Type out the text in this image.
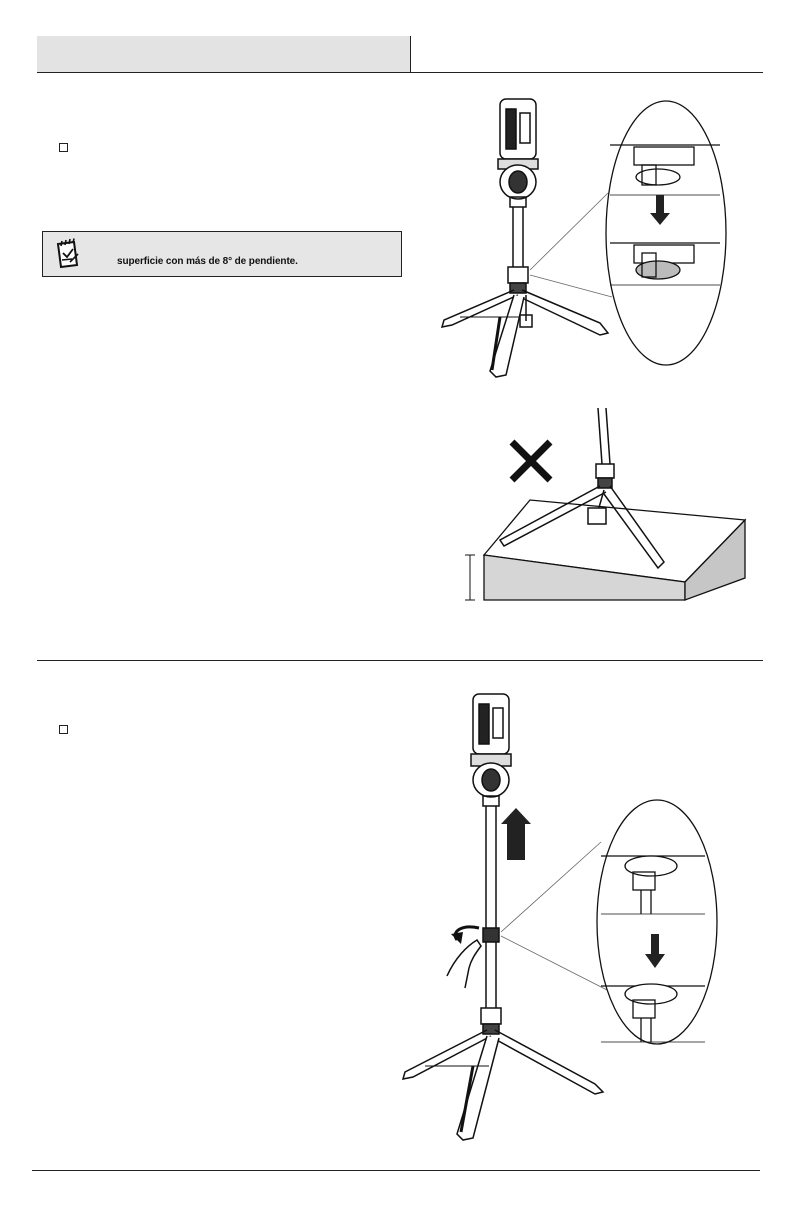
superficie con más de 8° de pendiente.
